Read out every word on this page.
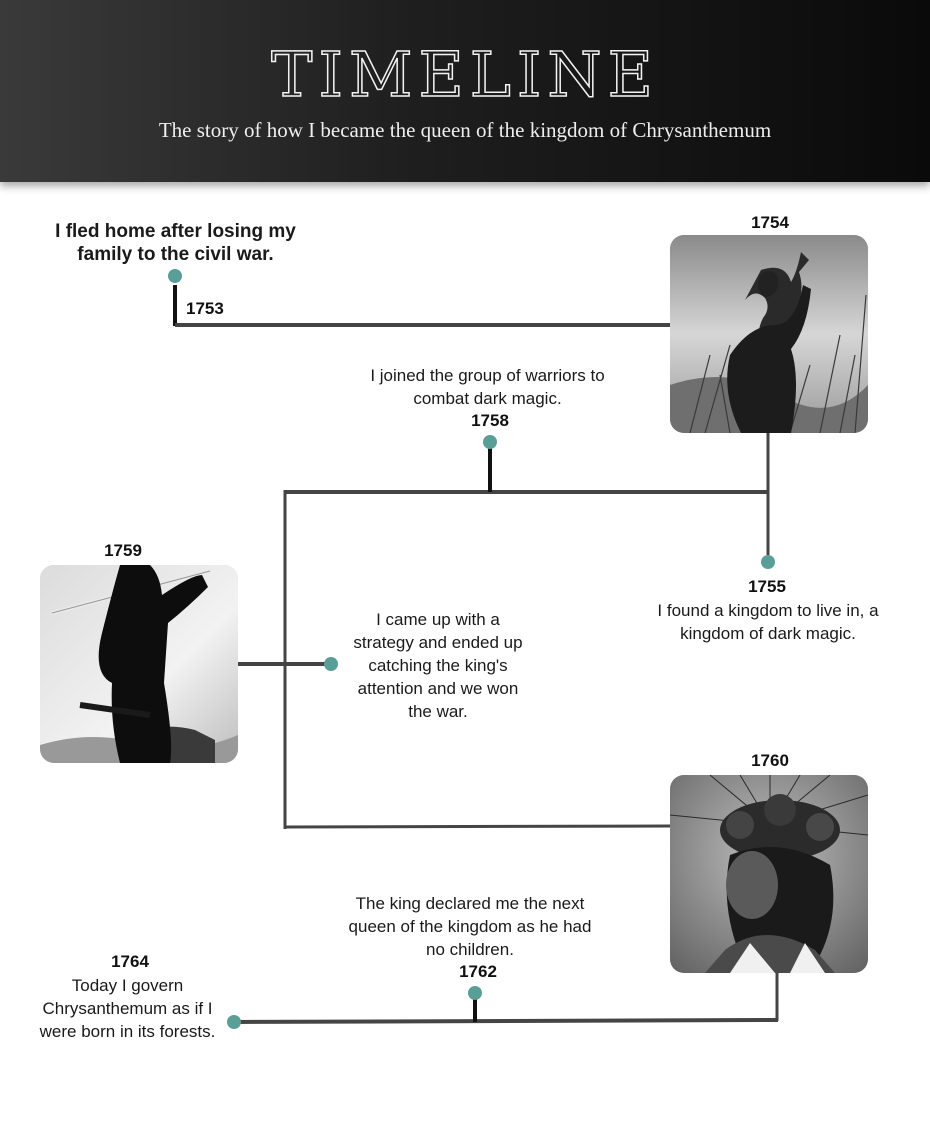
TIMELINE

The story of how I became the queen of the kingdom of Chrysanthemum

I fled home after losing my family to the civil war.
1753
1754
1755
I found a kingdom to live in, a kingdom of dark magic.
I joined the group of warriors to combat dark magic.
1758
1759
I came up with a strategy and ended up catching the king's attention and we won the war.
1760
The king declared me the next queen of the kingdom as he had no children.
1762
1764
Today I govern Chrysanthemum as if I were born in its forests.
